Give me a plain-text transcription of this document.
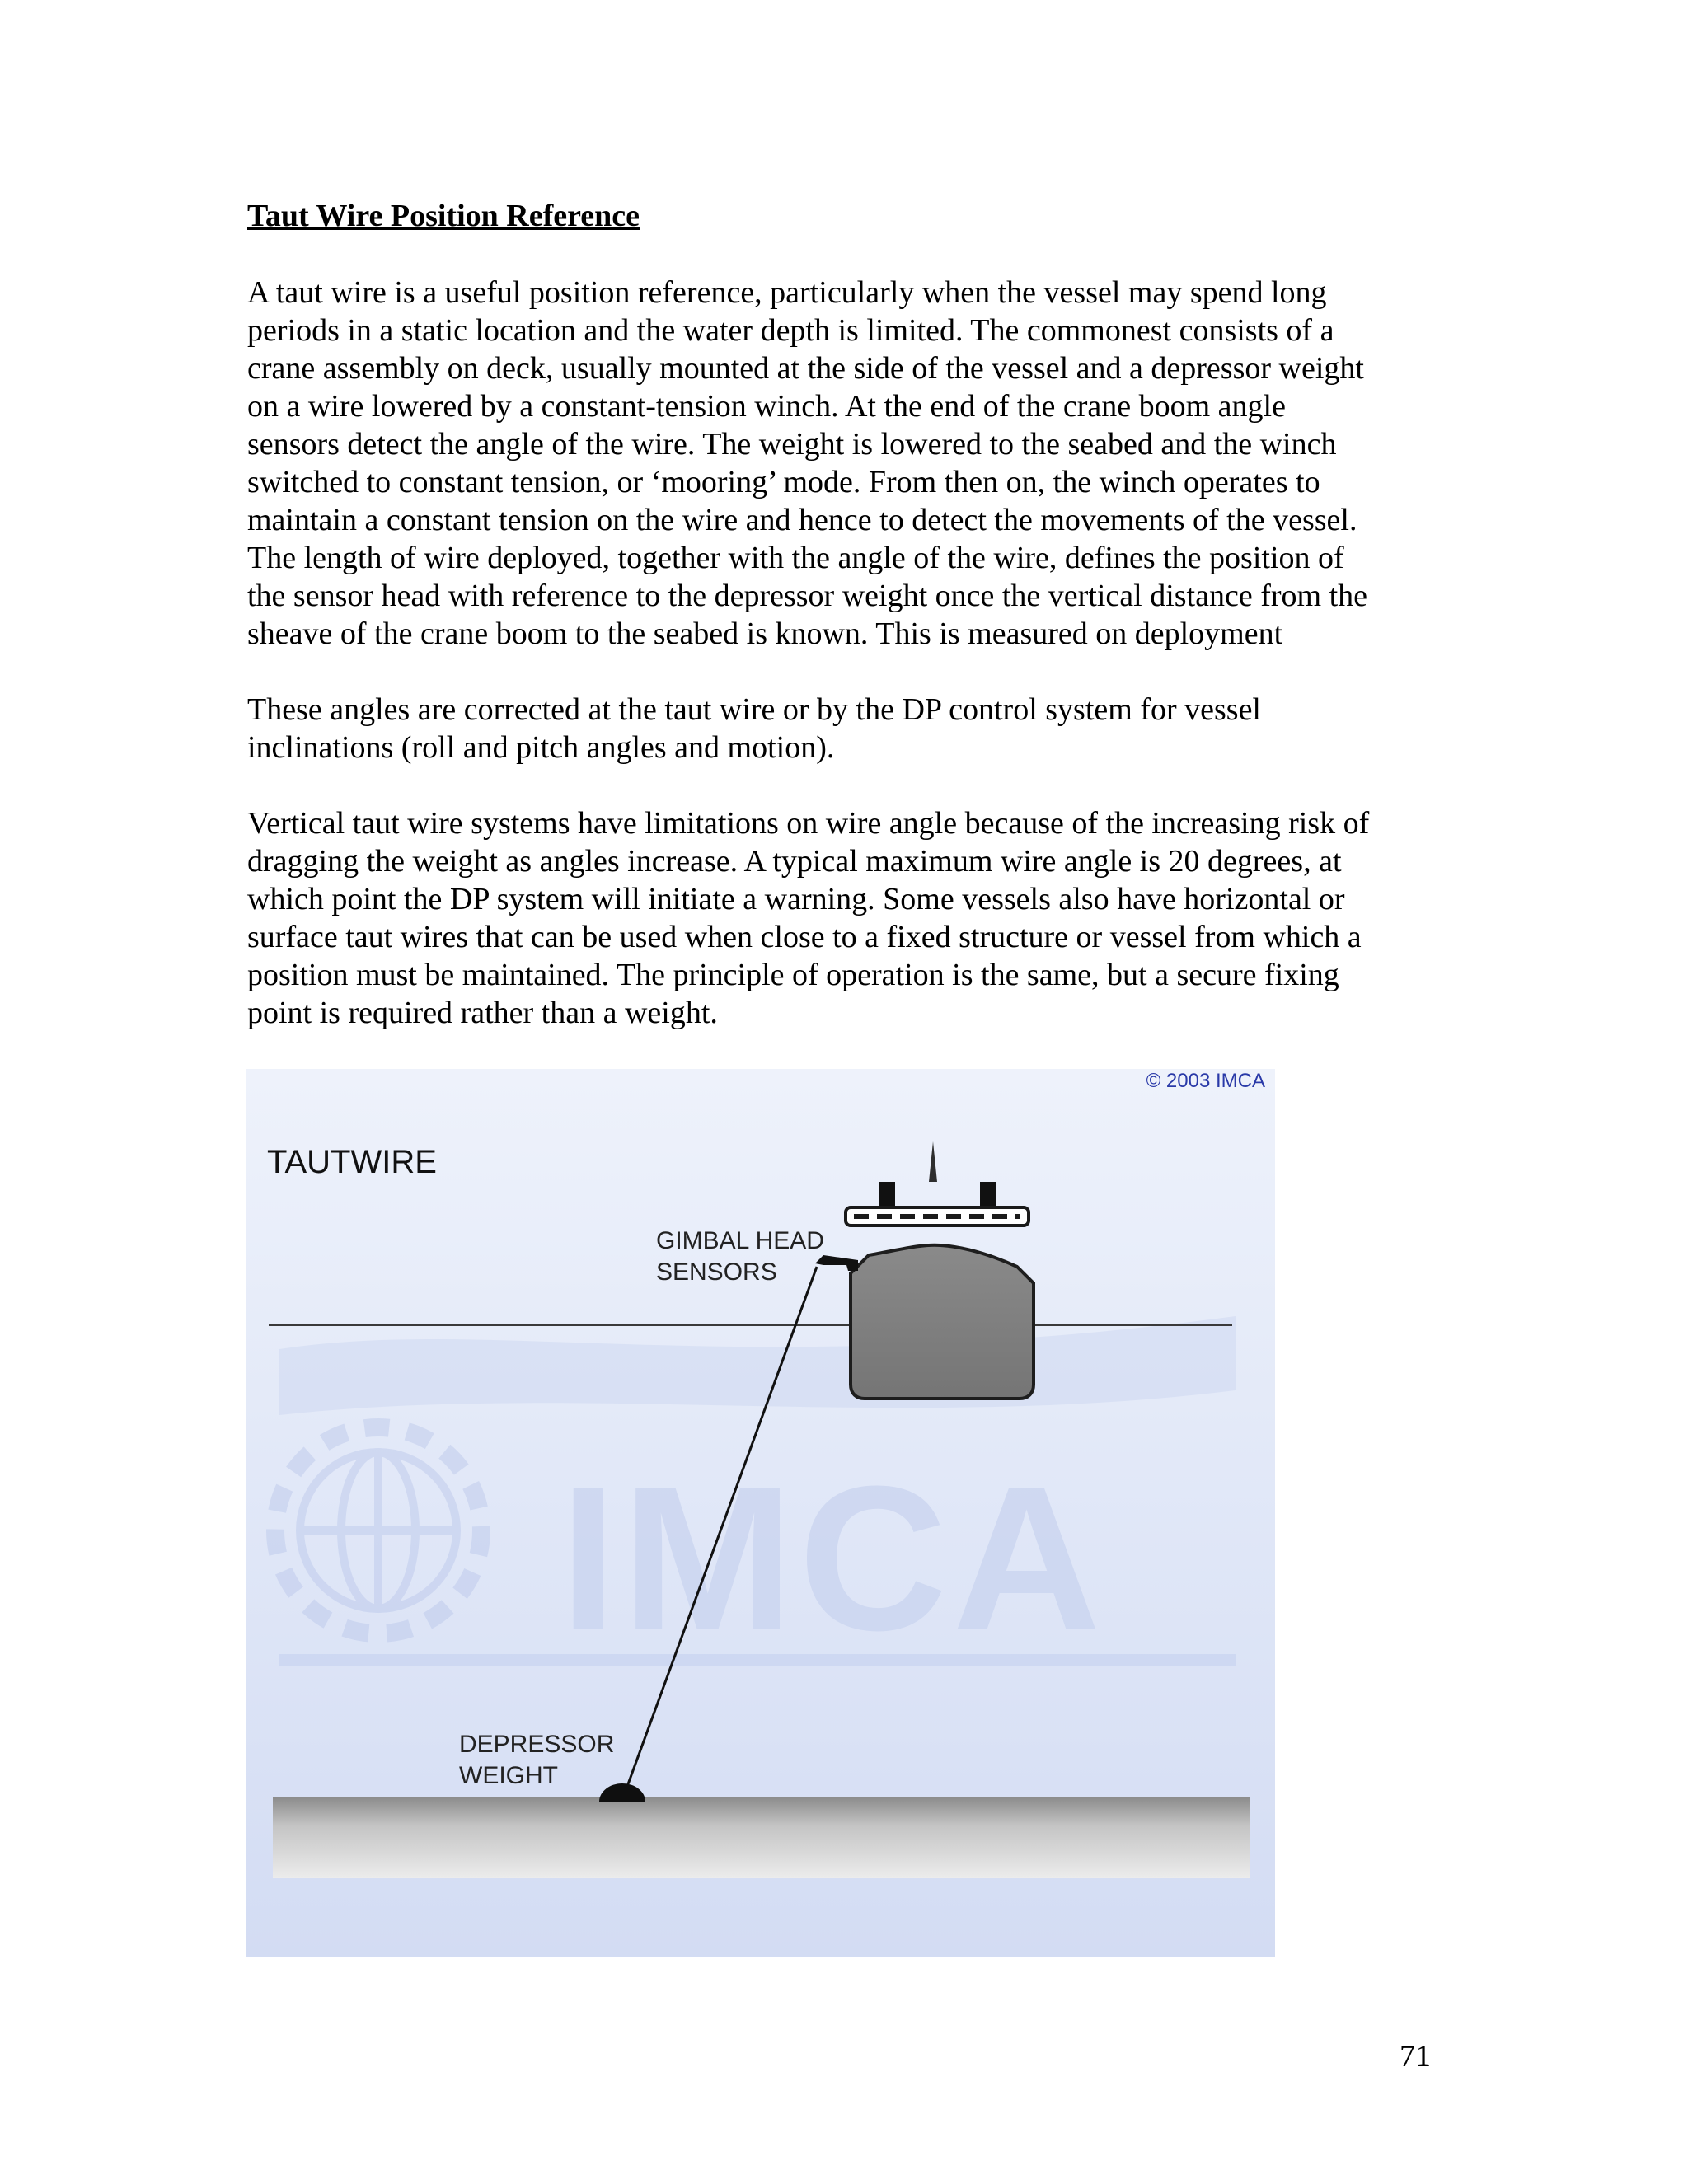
Taut Wire Position Reference
A taut wire is a useful position reference, particularly when the vessel may spend long
periods in a static location and the water depth is limited. The commonest consists of a
crane assembly on deck, usually mounted at the side of the vessel and a depressor weight
on a wire lowered by a constant-tension winch. At the end of the crane boom angle
sensors detect the angle of the wire. The weight is lowered to the seabed and the winch
switched to constant tension, or ‘mooring’ mode. From then on, the winch operates to
maintain a constant tension on the wire and hence to detect the movements of the vessel.
The length of wire deployed, together with the angle of the wire, defines the position of
the sensor head with reference to the depressor weight once the vertical distance from the
sheave of the crane boom to the seabed is known. This is measured on deployment
These angles are corrected at the taut wire or by the DP control system for vessel
inclinations (roll and pitch angles and motion).
Vertical taut wire systems have limitations on wire angle because of the increasing risk of
dragging the weight as angles increase. A typical maximum wire angle is 20 degrees, at
which point the DP system will initiate a warning. Some vessels also have horizontal or
surface taut wires that can be used when close to a fixed structure or vessel from which a
position must be maintained. The principle of operation is the same, but a secure fixing
point is required rather than a weight.
IMCA
© 2003 IMCA
TAUTWIRE
GIMBAL HEAD
SENSORS
DEPRESSOR
WEIGHT

71
